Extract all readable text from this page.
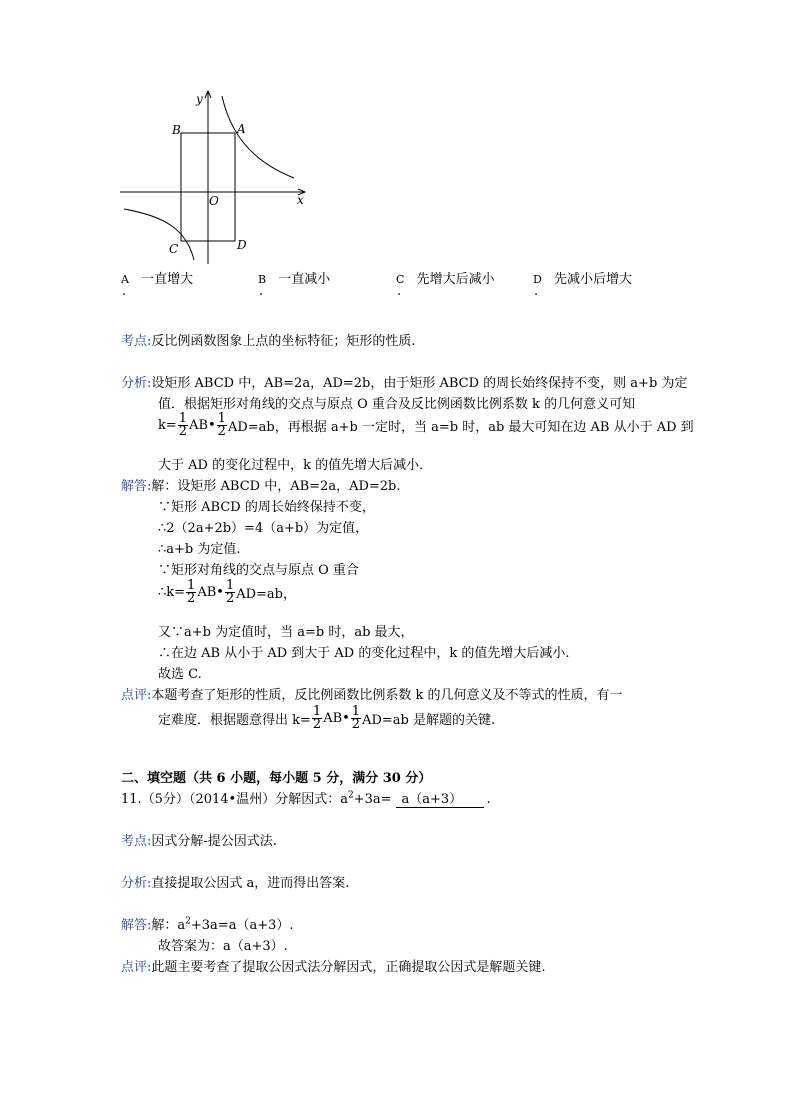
y
x
O
A
B
C	D
A 一直增大
.
B 一直减小
.
C 先增大后减小
.
D 先减小后增大
.
考点:反比例函数图象上点的坐标特征；矩形的性质.
分析:设矩形 ABCD 中，AB=2a，AD=2b，由于矩形 ABCD 的周长始终保持不变，则 a+b 为定
值．根据矩形对角线的交点与原点 O 重合及反比例函数比例系数 k 的几何意义可知
$k= \frac{1}{2}$ AB• $\frac{1}{2} AD=ab$，再根据 a+b 一定时，当 a=b 时，ab 最大可知在边 AB 从小于 AD 到
大于 AD 的变化过程中，k 的值先增大后减小．
解答:解：设矩形 ABCD 中，AB=2a，AD=2b.
∵矩形 ABCD 的周长始终保持不变，
∴2（2a+2b）=4（a+b）为定值，
∴a+b 为定值.
∵矩形对角线的交点与原点 O 重合
∴k= $\frac{1}{2}$ AB• $\frac{1}{2} AD=ab$，
又∵a+b 为定值时，当 a=b 时，ab 最大，
∴在边 AB 从小于 AD 到大于 AD 的变化过程中，k 的值先增大后减小.
故选 C.
点评:本题考查了矩形的性质，反比例函数比例系数 k 的几何意义及不等式的性质，有一
定难度．根据题意得出 $k= \frac{1}{2}$ AB• $\frac{1}{2} AD=ab$ 是解题的关键.
二、填空题（共 6 小题，每小题 5 分，满分 30 分）
11.（5分）（2014•温州）分解因式：$a^2+3a= a(a+3)$ .
考点:因式分解-提公因式法.
分析:直接提取公因式 a，进而得出答案.
解答:解：$a^2+3a=a(a+3)$.
故答案为：a（a+3）.
点评:此题主要考查了提取公因式法分解因式，正确提取公因式是解题关键.
